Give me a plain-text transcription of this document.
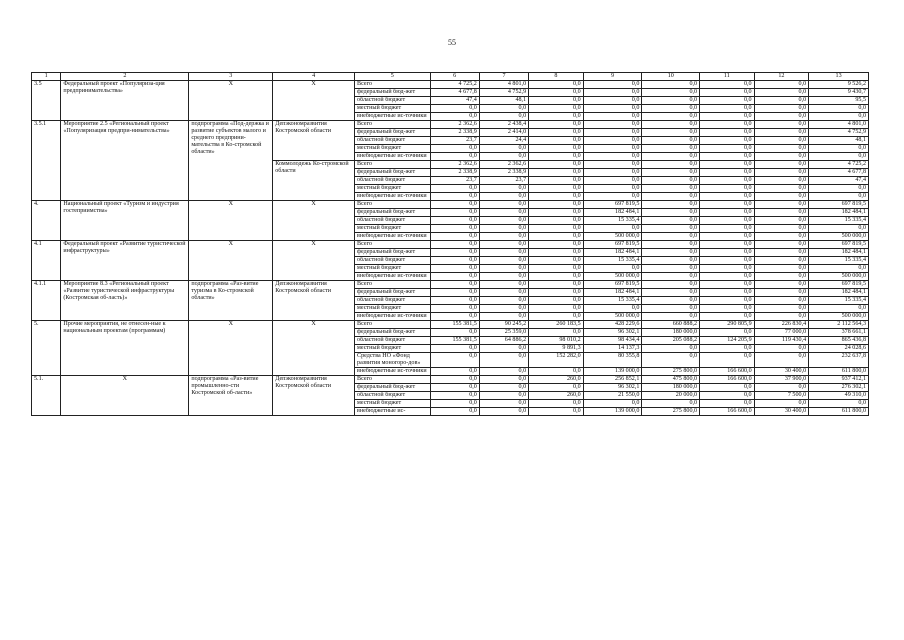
55
1	2	3	4	5	6	7	8	9	10	11	12	13
3.5	Федеральный проект «Популяриза-ция предпринимательства»	X	X	Всего	4 725,2	4 801,0	0,0	0,0	0,0	0,0	0,0	9 526,2
				федеральный бюд-жет	4 677,8	4 752,9	0,0	0,0	0,0	0,0	0,0	9 430,7
				областной бюджет	47,4	48,1	0,0	0,0	0,0	0,0	0,0	95,5
				местный бюджет	0,0	0,0	0,0	0,0	0,0	0,0	0,0	0,0
				внебюджетные ис-точники	0,0	0,0	0,0	0,0	0,0	0,0	0,0	0,0
3.5.1	Мероприятие 2.5 «Региональный проект «Популяризация предпри-нимательства»	подпрограмма «Под-держка и развитие субъектов малого и среднего предприни-мательства в Ко-стромской области»	Депэкономразвития Костромской области	Всего	2 362,6	2 438,4	0,0	0,0	0,0	0,0	0,0	4 801,0
				федеральный бюд-жет	2 338,9	2 414,0	0,0	0,0	0,0	0,0	0,0	4 752,9
				областной бюджет	23,7	24,4	0,0	0,0	0,0	0,0	0,0	48,1
				местный бюджет	0,0	0,0	0,0	0,0	0,0	0,0	0,0	0,0
				внебюджетные ис-точники	0,0	0,0	0,0	0,0	0,0	0,0	0,0	0,0
			Коммолодежь Ко-стромской области	Всего	2 362,6	2 362,6	0,0	0,0	0,0	0,0	0,0	4 725,2
				федеральный бюд-жет	2 338,9	2 338,9	0,0	0,0	0,0	0,0	0,0	4 677,8
				областной бюджет	23,7	23,7	0,0	0,0	0,0	0,0	0,0	47,4
				местный бюджет	0,0	0,0	0,0	0,0	0,0	0,0	0,0	0,0
				внебюджетные ис-точники	0,0	0,0	0,0	0,0	0,0	0,0	0,0	0,0
4.	Национальный проект «Туризм и индустрия гостеприимства»	X	X	Всего	0,0	0,0	0,0	697 819,5	0,0	0,0	0,0	697 819,5
				федеральный бюд-жет	0,0	0,0	0,0	182 484,1	0,0	0,0	0,0	182 484,1
				областной бюджет	0,0	0,0	0,0	15 335,4	0,0	0,0	0,0	15 335,4
				местный бюджет	0,0	0,0	0,0	0,0	0,0	0,0	0,0	0,0
				внебюджетные ис-точники	0,0	0,0	0,0	500 000,0	0,0	0,0	0,0	500 000,0
4.1	Федеральный проект «Развитие туристической инфраструктуры»	X	X	Всего	0,0	0,0	0,0	697 819,5	0,0	0,0	0,0	697 819,5
				федеральный бюд-жет	0,0	0,0	0,0	182 484,1	0,0	0,0	0,0	182 484,1
				областной бюджет	0,0	0,0	0,0	15 335,4	0,0	0,0	0,0	15 335,4
				местный бюджет	0,0	0,0	0,0	0,0	0,0	0,0	0,0	0,0
				внебюджетные ис-точники	0,0	0,0	0,0	500 000,0	0,0	0,0	0,0	500 000,0
4.1.1	Мероприятие 8.3 «Региональный проект «Развитие туристической инфраструктуры (Костромская об-ласть)»	подпрограмма «Раз-витие туризма в Ко-стромской области»	Депэкономразвития Костромской области	Всего	0,0	0,0	0,0	697 819,5	0,0	0,0	0,0	697 819,5
				федеральный бюд-жет	0,0	0,0	0,0	182 484,1	0,0	0,0	0,0	182 484,1
				областной бюджет	0,0	0,0	0,0	15 335,4	0,0	0,0	0,0	15 335,4
				местный бюджет	0,0	0,0	0,0	0,0	0,0	0,0	0,0	0,0
				внебюджетные ис-точники	0,0	0,0	0,0	500 000,0	0,0	0,0	0,0	500 000,0
5.	Прочие мероприятия, не отнесен-ные к национальным проектам (программам)	X	X	Всего	155 381,5	90 245,2	260 183,5	428 229,6	660 888,2	290 805,9	226 830,4	2 112 564,3
				федеральный бюд-жет	0,0	25 359,0	0,0	96 302,1	180 000,0	0,0	77 000,0	378 661,1
				областной бюджет	155 381,5	64 886,2	98 010,2	98 434,4	205 088,2	124 205,9	119 430,4	865 436,8
				местный бюджет	0,0	0,0	9 891,3	14 137,3	0,0	0,0	0,0	24 028,6
				Средства НО «Фонд развития моногоро-дов»	0,0	0,0	152 282,0	80 355,8	0,0	0,0	0,0	232 637,8
				внебюджетные ис-точники	0,0	0,0	0,0	139 000,0	275 800,0	166 600,0	30 400,0	611 800,0
5.1.	X	подпрограмма «Раз-витие промышленно-сти Костромской об-ласти»	Депэкономразвития Костромской области	Всего	0,0	0,0	260,0	256 852,1	475 800,0	166 600,0	37 900,0	937 412,1
				федеральный бюд-жет	0,0	0,0	0,0	96 302,1	180 000,0	0,0	0,0	276 302,1
				областной бюджет	0,0	0,0	260,0	21 550,0	20 000,0	0,0	7 500,0	49 310,0
				местный бюджет	0,0	0,0	0,0	0,0	0,0	0,0	0,0	0,0
				внебюджетные ис-	0,0	0,0	0,0	139 000,0	275 800,0	166 600,0	30 400,0	611 800,0
